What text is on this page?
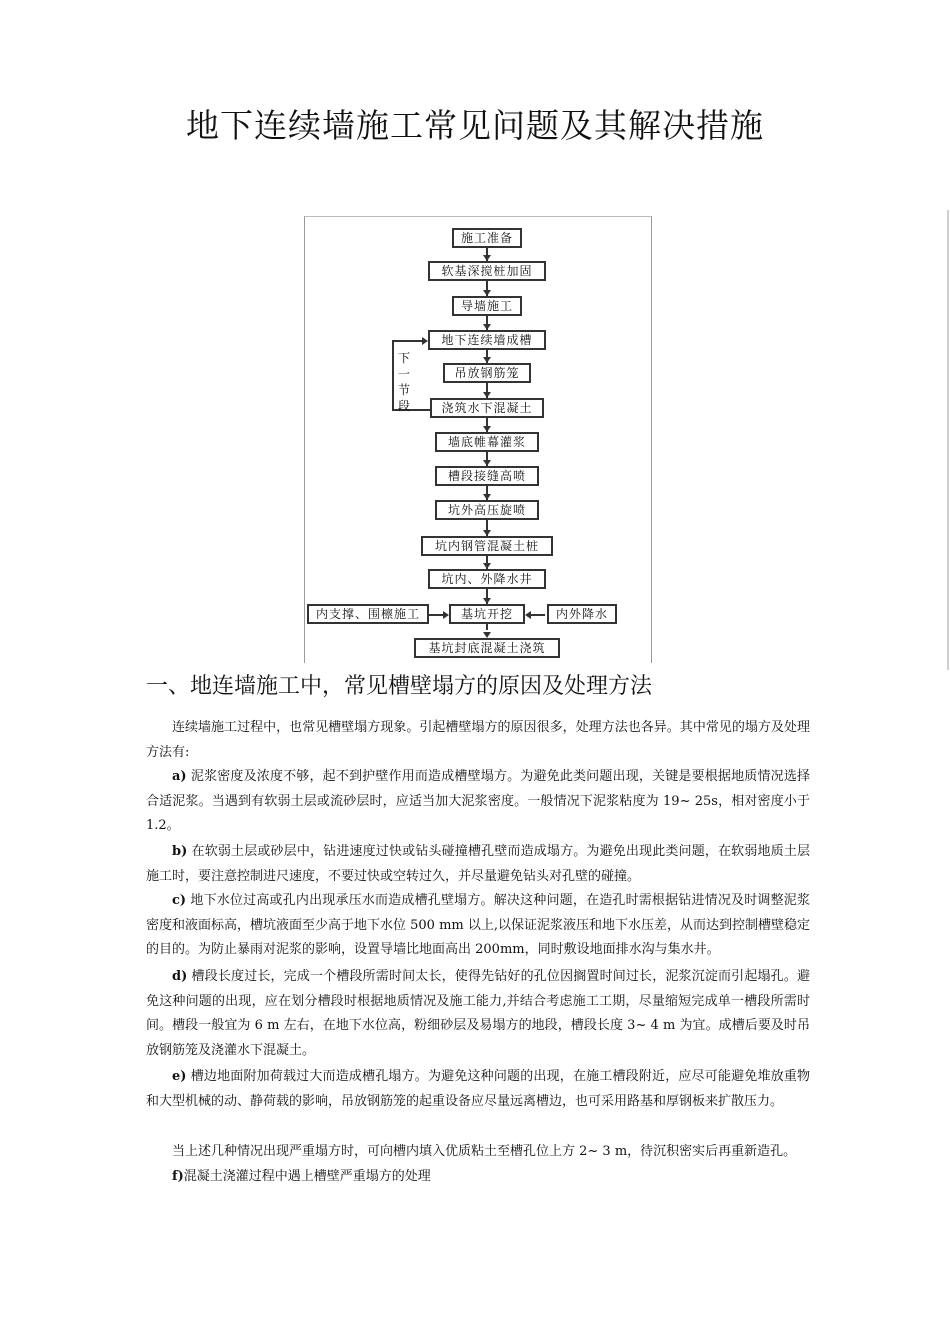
地下连续墙施工常见问题及其解决措施
施工准备
软基深搅桩加固
导墙施工
地下连续墙成槽
吊放钢筋笼
浇筑水下混凝土
墙底帷幕灌浆
槽段接缝高喷
坑外高压旋喷
坑内钢管混凝土桩
坑内、外降水井
基坑开挖
基坑封底混凝土浇筑
内支撑、围檩施工	内外降水
下一节段
一、地连墙施工中，常见槽壁塌方的原因及处理方法

连续墙施工过程中，也常见槽壁塌方现象。引起槽壁塌方的原因很多，处理方法也各异。其中常见的塌方及处理方法有:

a) 泥浆密度及浓度不够，起不到护壁作用而造成槽壁塌方。为避免此类问题出现，关键是要根据地质情况选择合适泥浆。当遇到有软弱土层或流砂层时，应适当加大泥浆密度。一般情况下泥浆粘度为 19~ 25s，相对密度小于 1.2。

b) 在软弱土层或砂层中，钻进速度过快或钻头碰撞槽孔壁而造成塌方。为避免出现此类问题，在软弱地质土层施工时，要注意控制进尺速度，不要过快或空转过久，并尽量避免钻头对孔壁的碰撞。

c) 地下水位过高或孔内出现承压水而造成槽孔壁塌方。解决这种问题，在造孔时需根据钻进情况及时调整泥浆密度和液面标高，槽坑液面至少高于地下水位 500 mm 以上,以保证泥浆液压和地下水压差，从而达到控制槽壁稳定的目的。为防止暴雨对泥浆的影响，设置导墙比地面高出 200mm，同时敷设地面排水沟与集水井。

d) 槽段长度过长，完成一个槽段所需时间太长，使得先钻好的孔位因搁置时间过长，泥浆沉淀而引起塌孔。避免这种问题的出现，应在划分槽段时根据地质情况及施工能力,并结合考虑施工工期，尽量缩短完成单一槽段所需时间。槽段一般宜为 6 m 左右，在地下水位高，粉细砂层及易塌方的地段，槽段长度 3~ 4 m 为宜。成槽后要及时吊放钢筋笼及浇灌水下混凝土。

e) 槽边地面附加荷载过大而造成槽孔塌方。为避免这种问题的出现，在施工槽段附近，应尽可能避免堆放重物和大型机械的动、静荷载的影响，吊放钢筋笼的起重设备应尽量远离槽边，也可采用路基和厚钢板来扩散压力。

当上述几种情况出现严重塌方时，可向槽内填入优质粘土至槽孔位上方 2~ 3 m，待沉积密实后再重新造孔。

f)混凝土浇灌过程中遇上槽壁严重塌方的处理
